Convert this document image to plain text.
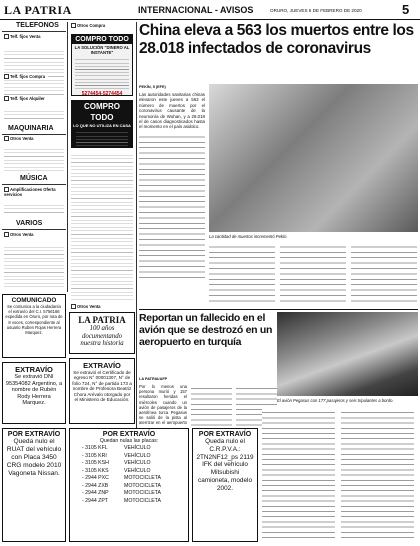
LA PATRIA	INTERNACIONAL - AVISOS	ORURO, JUEVES 6 DE FEBRERO DE 2020	5
TELEFONOS
Telf. fijos Venta
Telf. fijos Compra
Telf. fijos Alquiler
MAQUINARIA
Otros Venta
MÚSICA
Amplificaciones Oferta servicios
VARIOS
Otros Venta
Otros Compra
COMPRO TODO
LA SOLUCIÓN "DINERO AL INSTANTE"
5274454-5274454
COMPRO TODO
LO QUE NO UTILIZA EN CASA
Otros Venta
COMUNICADO
Se comunica a la ciudadanía el extravío del C.I. 5756166 expedida en Oruro, por ruta de 8 voces, correspondiente al usuario Ruben Rojas Herrera Marquez.
EXTRAVÍO
Se extravió DNI 95354082 Argentino, a nombre de Rubén Rody Herrera Marquez.
LA PATRIA
100 años documentando nuestra historia
EXTRAVÍO
Se extravió el Certificado de egreso N° 00001307, N° de folio 724, N° de partida 173 a nombre de Profesora Beatriz Chora Arévalo otorgado por el Ministerio de Educación.
POR EXTRAVÍO
Queda nulo el RUAT del vehículo con Placa 3450 CRG modelo 2010 Vagoneta Nissan.
POR EXTRAVÍO
Quedan nulas las placas:
- 3105 KFL	VEHÍCULO
- 3105 KRI	VEHÍCULO
- 3105 KSH	VEHÍCULO
- 3105 KKS	VEHÍCULO
- 2944 PXC	MOTOCICLETA
- 2944 ZXB	MOTOCICLETA
- 2944 ZNP	MOTOCICLETA
- 2944 ZPT	MOTOCICLETA
POR EXTRAVÍO
Queda nulo el C.R.P.V.A.: 2TN2NF12_ps 2119 IFK del vehículo Mitsubishi camioneta, modelo 2002.
China eleva a 563 los muertos entre los 28.018 infectados de coronavirus
PEKÍN, 5 (EFE)
Las autoridades sanitarias chinas elevaron este jueves a 563 el número de muertos por el coronavirus causante de la neumonía de Wuhan, y a 28.018 el de casos diagnosticados hasta el momento en el país asiático.
La cantidad de muertos incrementó Pekín.
Reportan un fallecido en el avión que se destrozó en un aeropuerto en turquía
LA PATRIA/AFP
El avión Pegasus con 177 pasajeros y seis tripulantes a bordo.
Por lo menos una persona murió y 157 resultaron heridas el miércoles cuando un avión de pasajeros de la aerolínea turca Pegasus se salió de la pista al aterrizar en el aeropuerto
